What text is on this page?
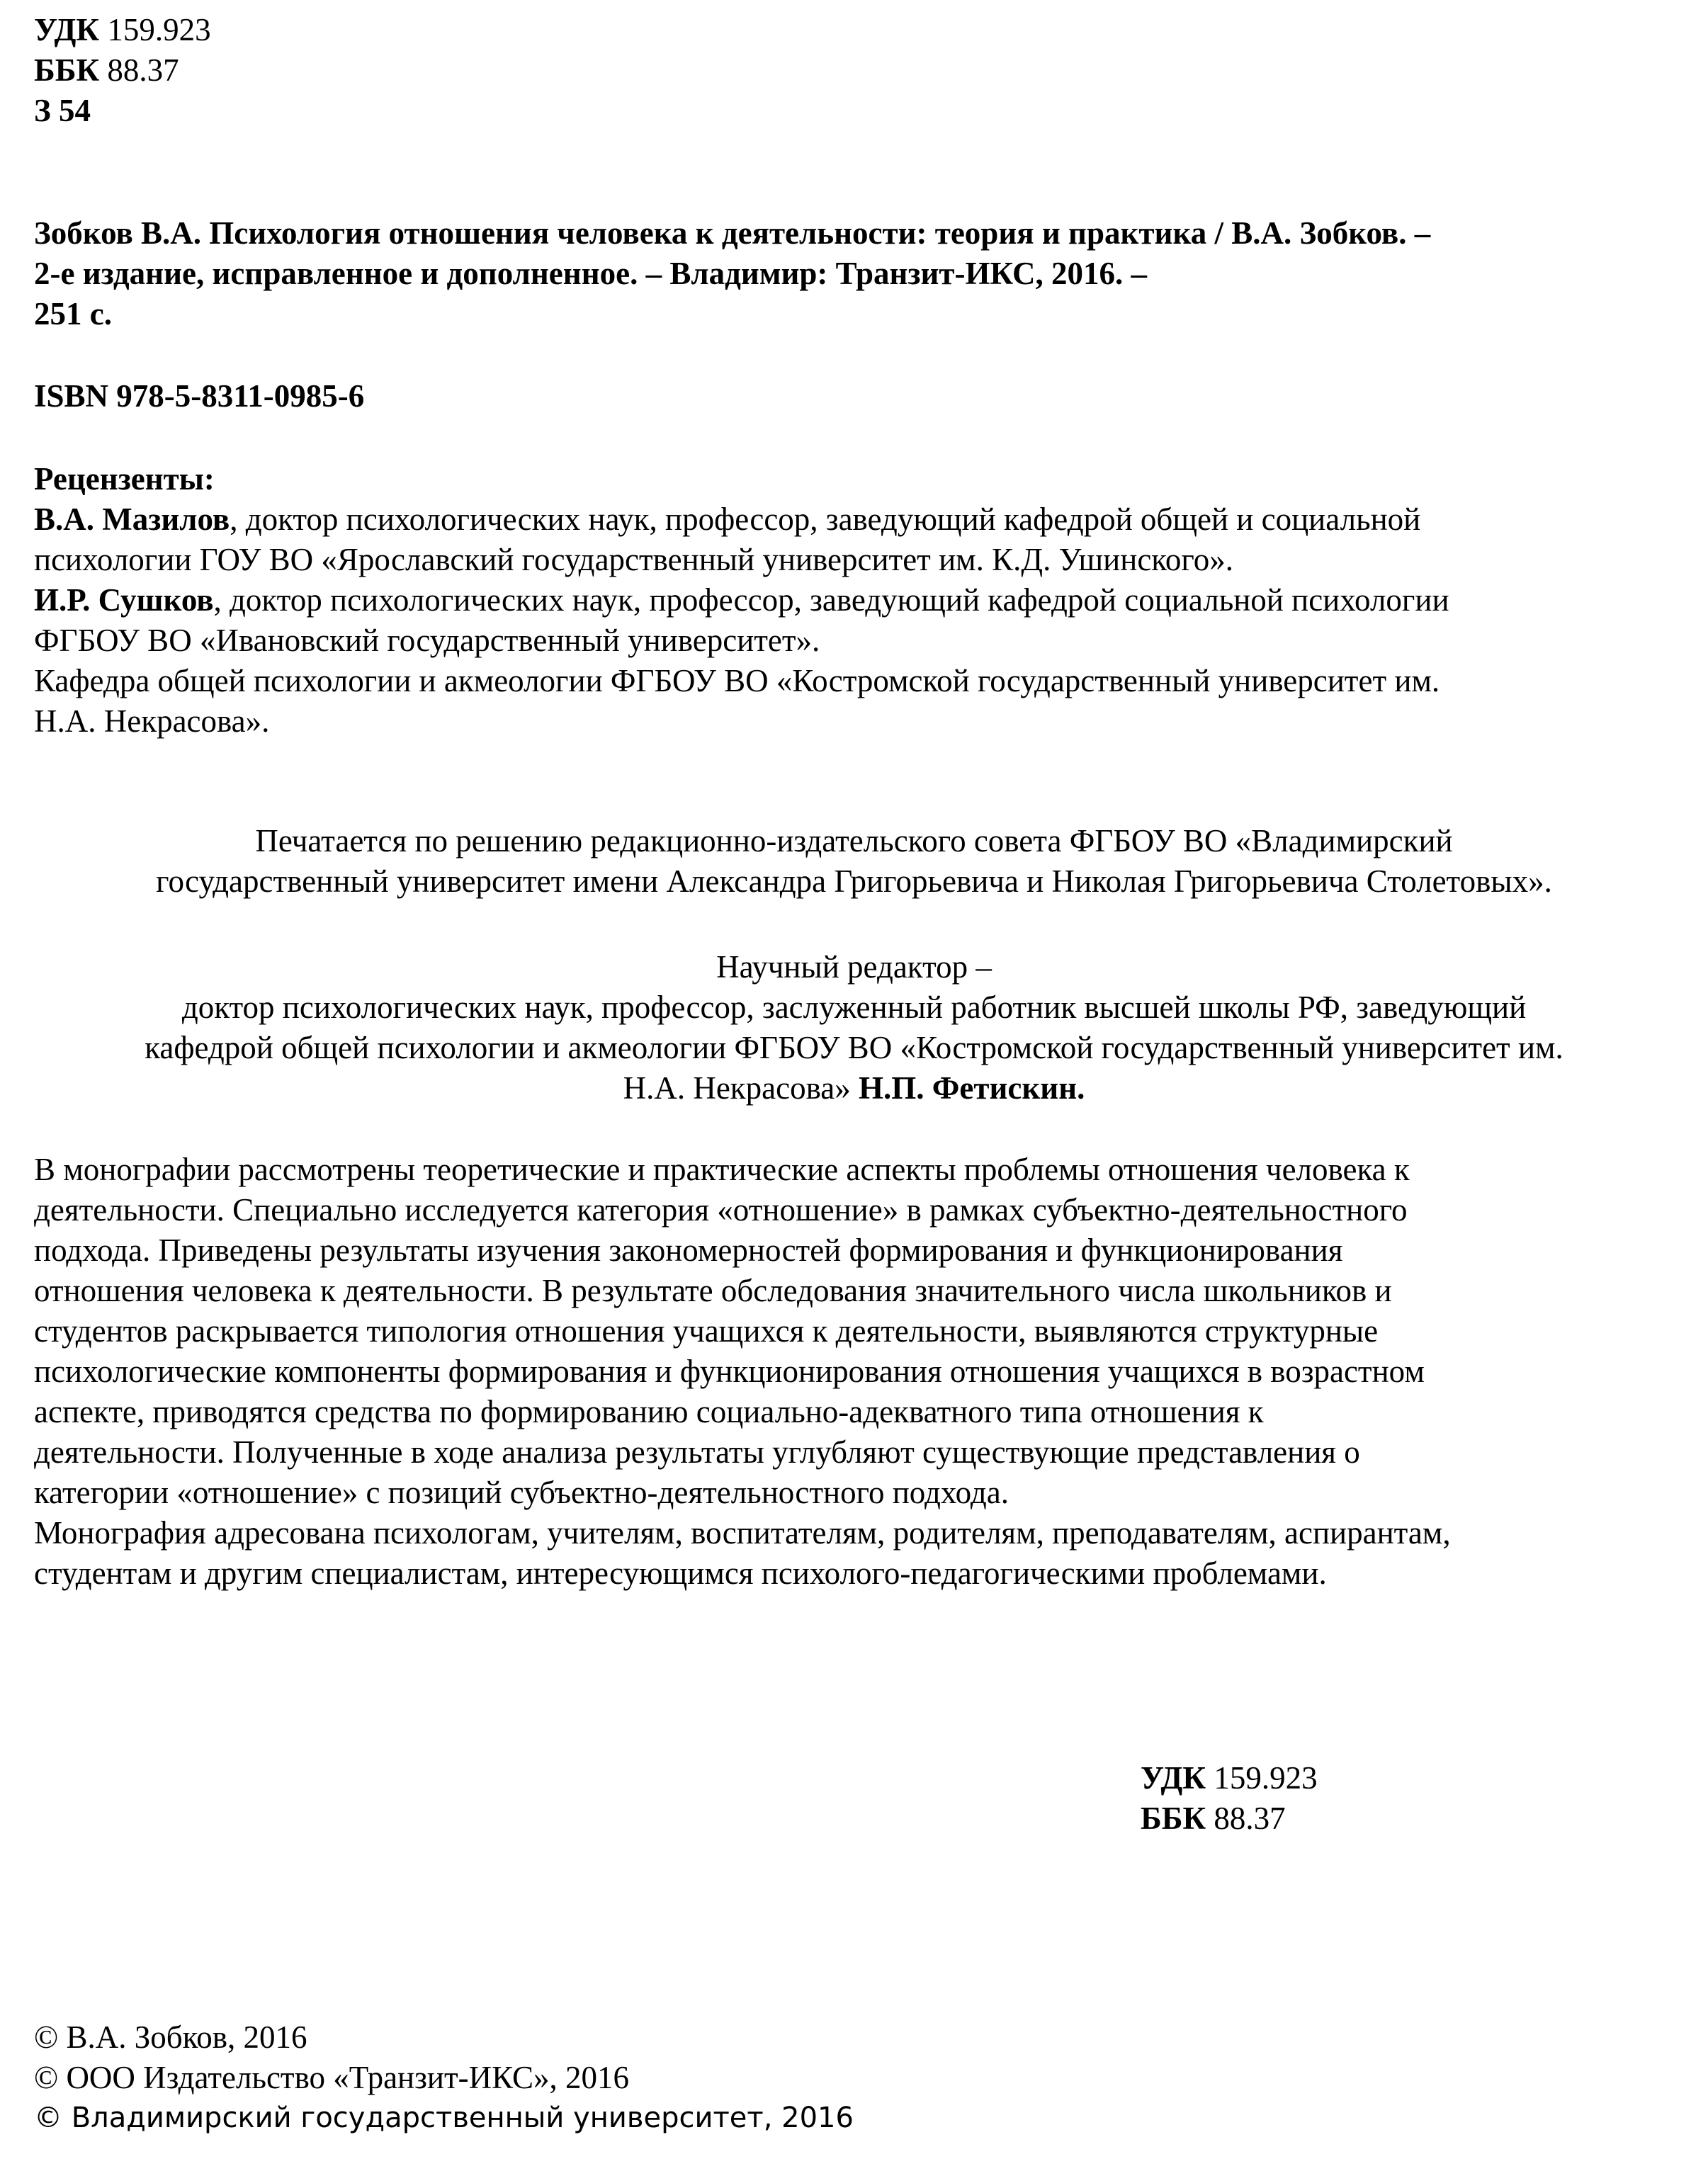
УДК 159.923
ББК 88.37
З 54
Зобков В.А. Психология отношения человека к деятельности: теория и практика / В.А. Зобков. –
2-е издание, исправленное и дополненное. – Владимир: Транзит-ИКС, 2016. –
251 с.
ISBN 978-5-8311-0985-6
Рецензенты:
В.А. Мазилов, доктор психологических наук, профессор, заведующий кафедрой общей и социальной
психологии ГОУ ВО «Ярославский государственный университет им. К.Д. Ушинского».
И.Р. Сушков, доктор психологических наук, профессор, заведующий кафедрой социальной психологии
ФГБОУ ВО «Ивановский государственный университет».
Кафедра общей психологии и акмеологии ФГБОУ ВО «Костромской государственный университет им.
Н.А. Некрасова».
Печатается по решению редакционно-издательского совета ФГБОУ ВО «Владимирский
государственный университет имени Александра Григорьевича и Николая Григорьевича Столетовых».
Научный редактор –
доктор психологических наук, профессор, заслуженный работник высшей школы РФ, заведующий
кафедрой общей психологии и акмеологии ФГБОУ ВО «Костромской государственный университет им.
Н.А. Некрасова» Н.П. Фетискин.
В монографии рассмотрены теоретические и практические аспекты проблемы отношения человека к
деятельности. Специально исследуется категория «отношение» в рамках субъектно-деятельностного
подхода. Приведены результаты изучения закономерностей формирования и функционирования
отношения человека к деятельности. В результате обследования значительного числа школьников и
студентов раскрывается типология отношения учащихся к деятельности, выявляются структурные
психологические компоненты формирования и функционирования отношения учащихся в возрастном
аспекте, приводятся средства по формированию социально-адекватного типа отношения к
деятельности. Полученные в ходе анализа результаты углубляют существующие представления о
категории «отношение» с позиций субъектно-деятельностного подхода.
Монография адресована психологам, учителям, воспитателям, родителям, преподавателям, аспирантам,
студентам и другим специалистам, интересующимся психолого-педагогическими проблемами.
УДК 159.923
ББК 88.37
© В.А. Зобков, 2016
© ООО Издательство «Транзит-ИКС», 2016
© Владимирский государственный университет, 2016
